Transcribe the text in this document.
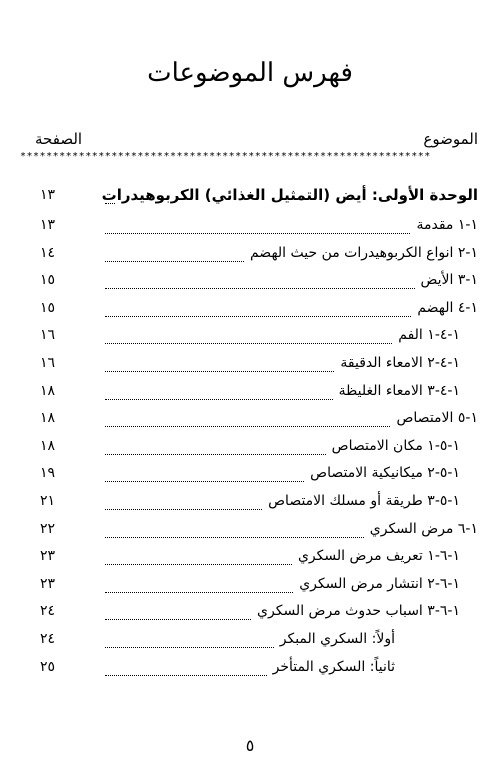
فهرس الموضوعات
الموضوع
الصفحة
***************************************************************
الوحدة الأولى: أيض (التمثيل الغذائي) الكربوهيدرات
١٣
١-١ مقدمة
١٣
١-٢ انواع الكربوهيدرات من حيث الهضم
١٤
١-٣ الأيض
١٥
١-٤ الهضم
١٥
١-٤-١ الفم
١٦
١-٤-٢ الامعاء الدقيقة
١٦
١-٤-٣ الامعاء الغليظة
١٨
١-٥ الامتصاص
١٨
١-٥-١ مكان الامتصاص
١٨
١-٥-٢ ميكانيكية الامتصاص
١٩
١-٥-٣ طريقة أو مسلك الامتصاص
٢١
١-٦ مرض السكري
٢٢
١-٦-١ تعريف مرض السكري
٢٣
١-٦-٢ انتشار مرض السكري
٢٣
١-٦-٣ اسباب حدوث مرض السكري
٢٤
أولاً: السكري المبكر
٢٤
ثانياً: السكري المتأخر
٢٥
٥
